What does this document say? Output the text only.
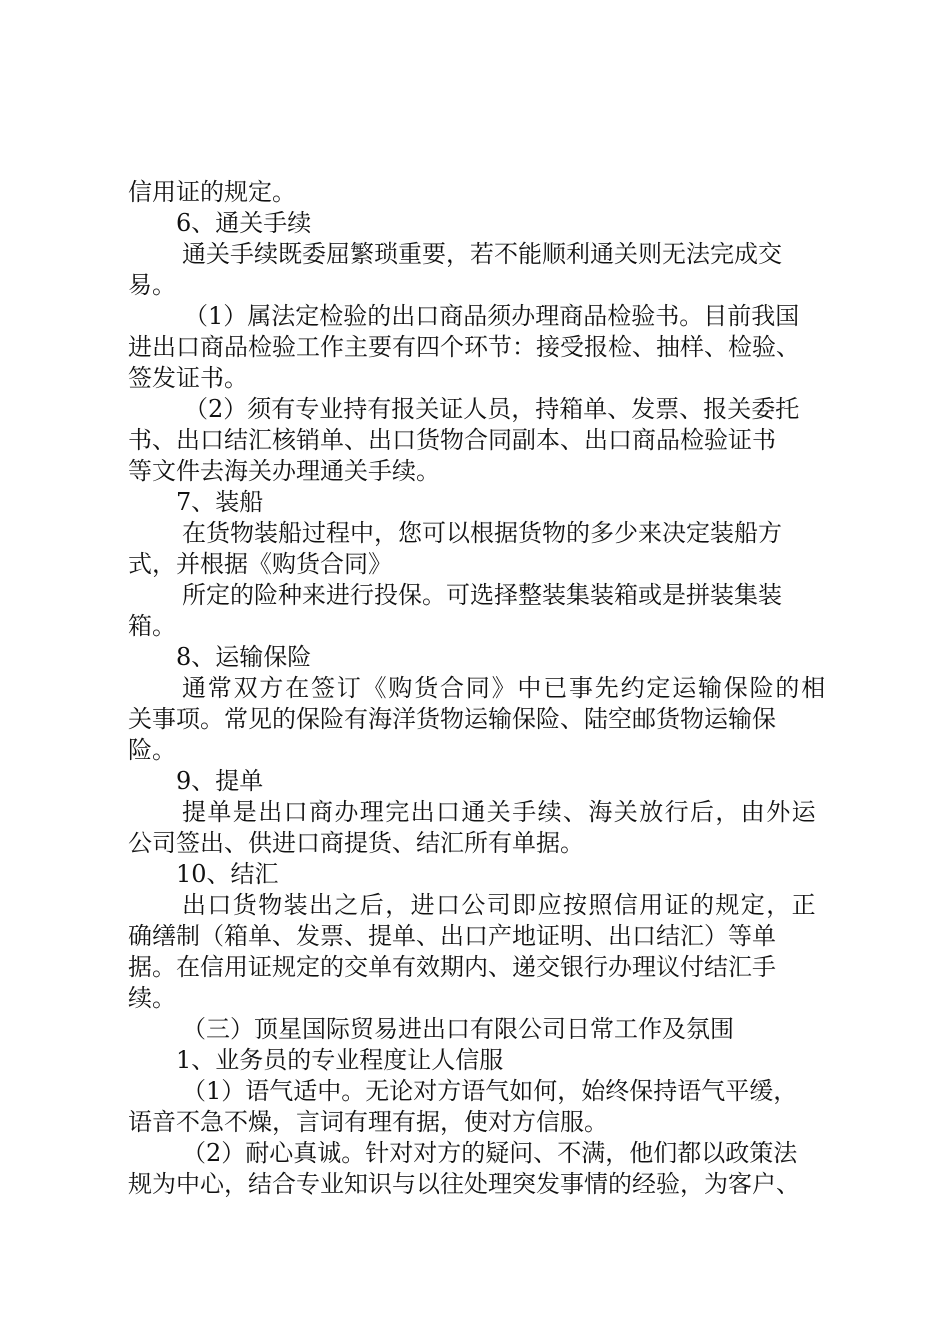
信用证的规定。
6、通关手续
通关手续既委屈繁琐重要，若不能顺利通关则无法完成交
易。
（1）属法定检验的出口商品须办理商品检验书。目前我国
进出口商品检验工作主要有四个环节：接受报检、抽样、检验、
签发证书。
（2）须有专业持有报关证人员，持箱单、发票、报关委托
书、出口结汇核销单、出口货物合同副本、出口商品检验证书
等文件去海关办理通关手续。
7、装船
在货物装船过程中，您可以根据货物的多少来决定装船方
式，并根据《购货合同》
所定的险种来进行投保。可选择整装集装箱或是拼装集装
箱。
8、运输保险
通常双方在签订《购货合同》中已事先约定运输保险的相
关事项。常见的保险有海洋货物运输保险、陆空邮货物运输保
险。
9、提单
提单是出口商办理完出口通关手续、海关放行后，由外运
公司签出、供进口商提货、结汇所有单据。
10、结汇
出口货物装出之后，进口公司即应按照信用证的规定，正
确缮制（箱单、发票、提单、出口产地证明、出口结汇）等单
据。在信用证规定的交单有效期内、递交银行办理议付结汇手
续。
（三）顶星国际贸易进出口有限公司日常工作及氛围
1、业务员的专业程度让人信服
（1）语气适中。无论对方语气如何，始终保持语气平缓，
语音不急不燥，言词有理有据，使对方信服。
（2）耐心真诚。针对对方的疑问、不满，他们都以政策法
规为中心，结合专业知识与以往处理突发事情的经验，为客户、
